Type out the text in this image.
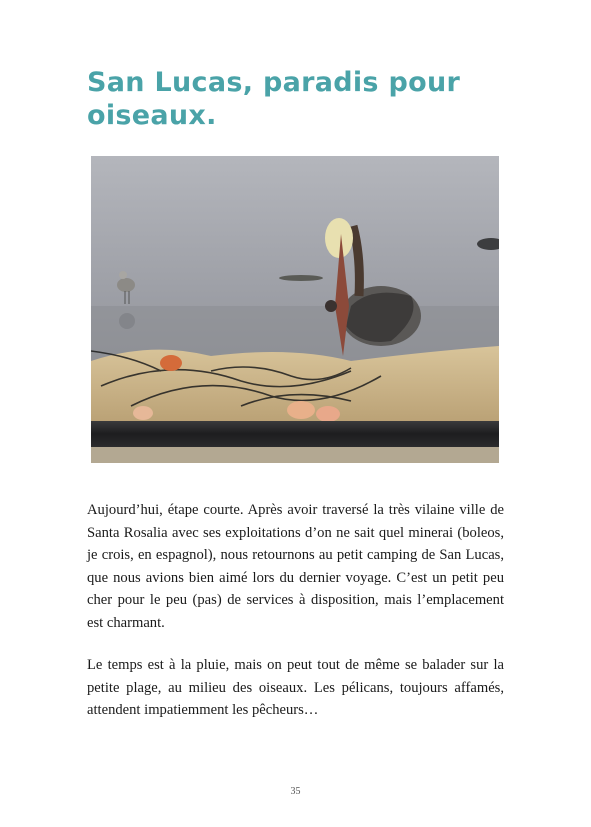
San Lucas, paradis pour oiseaux.

Aujourd’hui, étape courte. Après avoir traversé la très vilaine ville de Santa Rosalia avec ses exploitations d’on ne sait quel minerai (boleos, je crois, en espagnol), nous retournons au petit camping de San Lucas, que nous avions bien aimé lors du dernier voyage. C’est un petit peu cher pour le peu (pas) de services à disposition, mais l’emplacement est charmant.

Le temps est à la pluie, mais on peut tout de même se balader sur la petite plage, au milieu des oiseaux. Les pélicans, toujours affamés, attendent impatiemment les pêcheurs…

35
